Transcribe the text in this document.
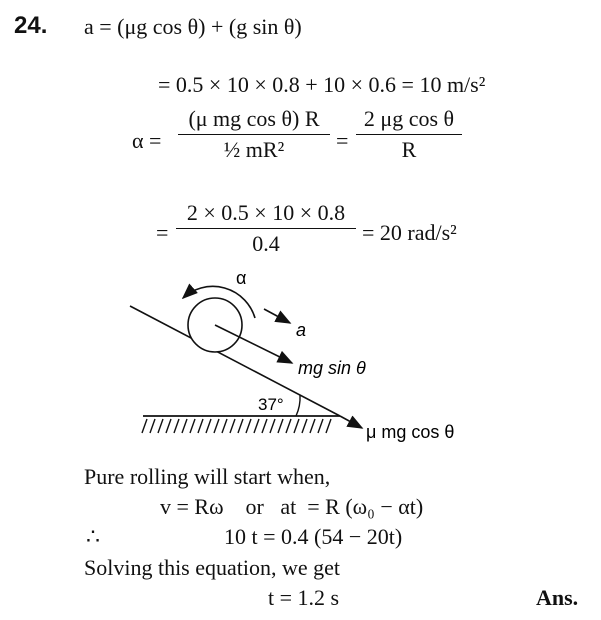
24. a = (μg cos θ) + (g sin θ)
= 0.5 × 10 × 0.8 + 10 × 0.6 = 10 m/s²
α =
(μ mg cos θ) R
½ mR²	=
2 μg cos θ
R
=
2 × 0.5 × 10 × 0.8
0.4	= 20 rad/s²
37°
α
a
mg sin θ
μ mg cos θ
Pure rolling will start when,
v = Rω    or   at  = R (ω₀ − αt)
∴	10 t = 0.4 (54 − 20t)
Solving this equation, we get
t = 1.2 s	Ans.
